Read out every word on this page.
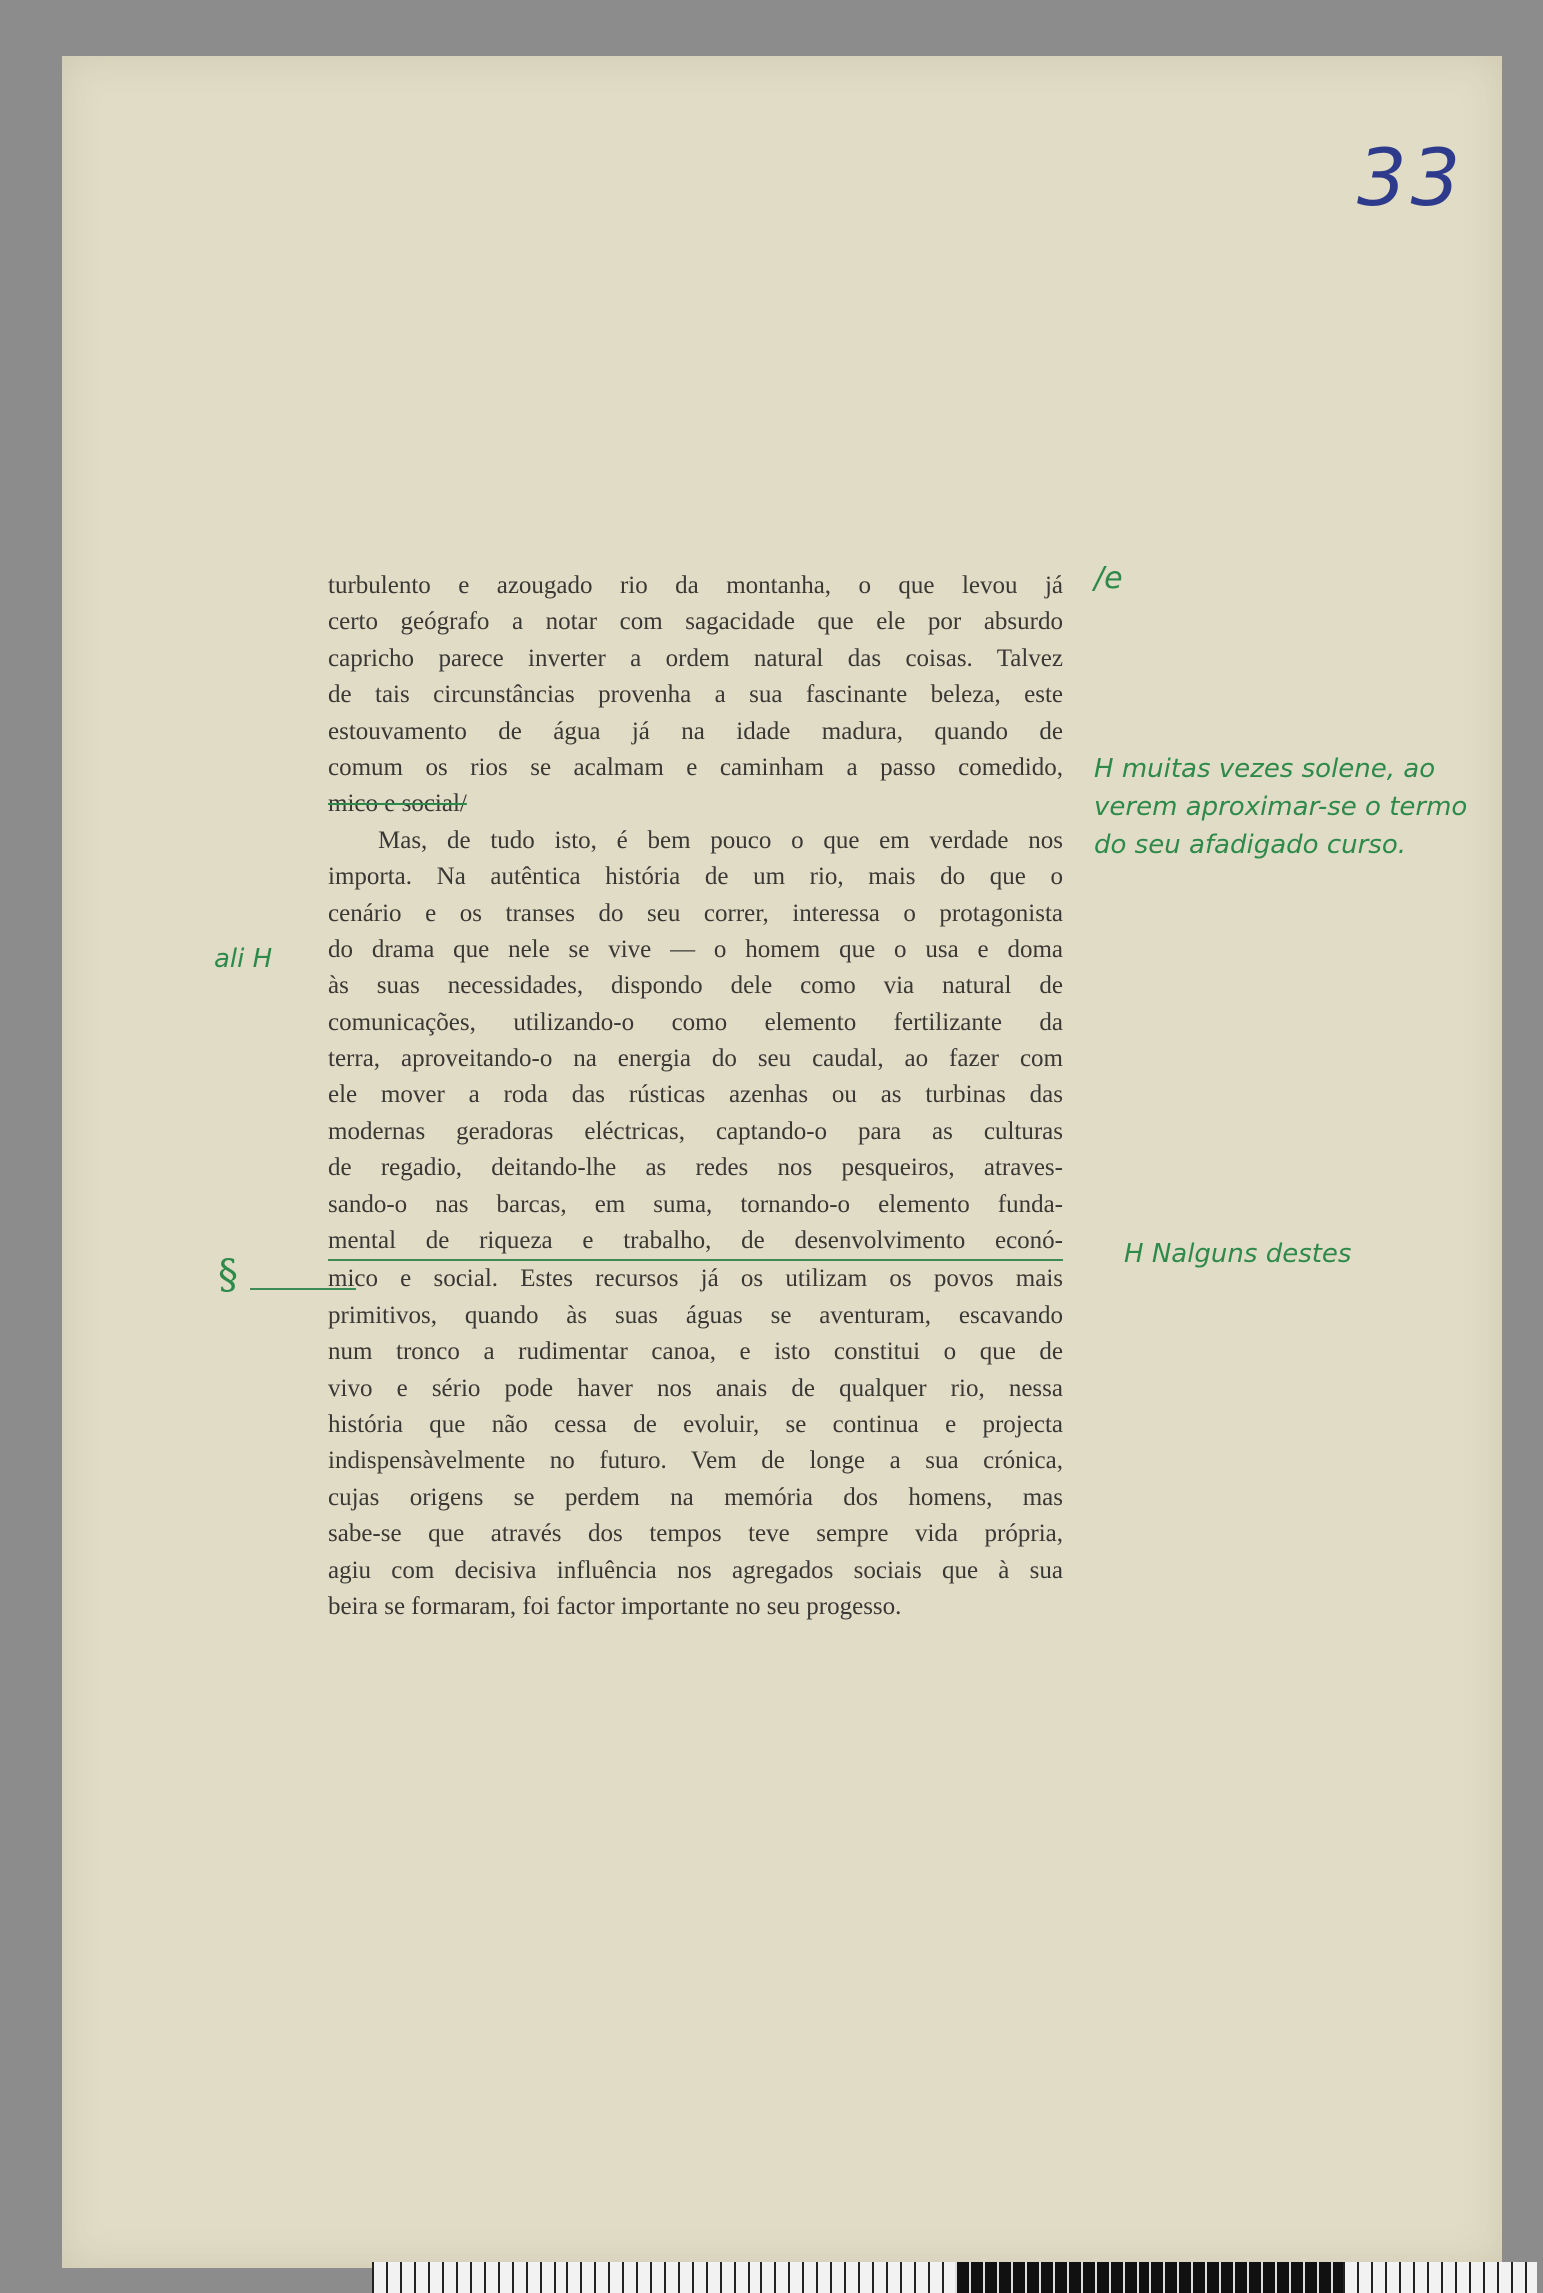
33
turbulento e azougado rio da montanha, o que levou já
certo geógrafo a notar com sagacidade que ele por absurdo
capricho parece inverter a ordem natural das coisas. Talvez
de tais circunstâncias provenha a sua fascinante beleza, este
estouvamento de água já na idade madura, quando de
comum os rios se acalmam e caminham a passo comedido,
mico e social/
Mas, de tudo isto, é bem pouco o que em verdade nos
importa. Na autêntica história de um rio, mais do que o
cenário e os transes do seu correr, interessa o protagonista
do drama que nele se vive — o homem que o usa e doma
às suas necessidades, dispondo dele como via natural de
comunicações, utilizando-o como elemento fertilizante da
terra, aproveitando-o na energia do seu caudal, ao fazer com
ele mover a roda das rústicas azenhas ou as turbinas das
modernas geradoras eléctricas, captando-o para as culturas
de regadio, deitando-lhe as redes nos pesqueiros, atraves-
sando-o nas barcas, em suma, tornando-o elemento funda-
mental de riqueza e trabalho, de desenvolvimento econó-
mico e social. Estes recursos já os utilizam os povos mais
primitivos, quando às suas águas se aventuram, escavando
num tronco a rudimentar canoa, e isto constitui o que de
vivo e sério pode haver nos anais de qualquer rio, nessa
história que não cessa de evoluir, se continua e projecta
indispensàvelmente no futuro. Vem de longe a sua crónica,
cujas origens se perdem na memória dos homens, mas
sabe-se que através dos tempos teve sempre vida própria,
agiu com decisiva influência nos agregados sociais que à sua
beira se formaram, foi factor importante no seu progesso.
/e
H muitas vezes solene, ao verem aproximar-se o termo do seu afadigado curso.
ali H
H Nalguns destes
§
